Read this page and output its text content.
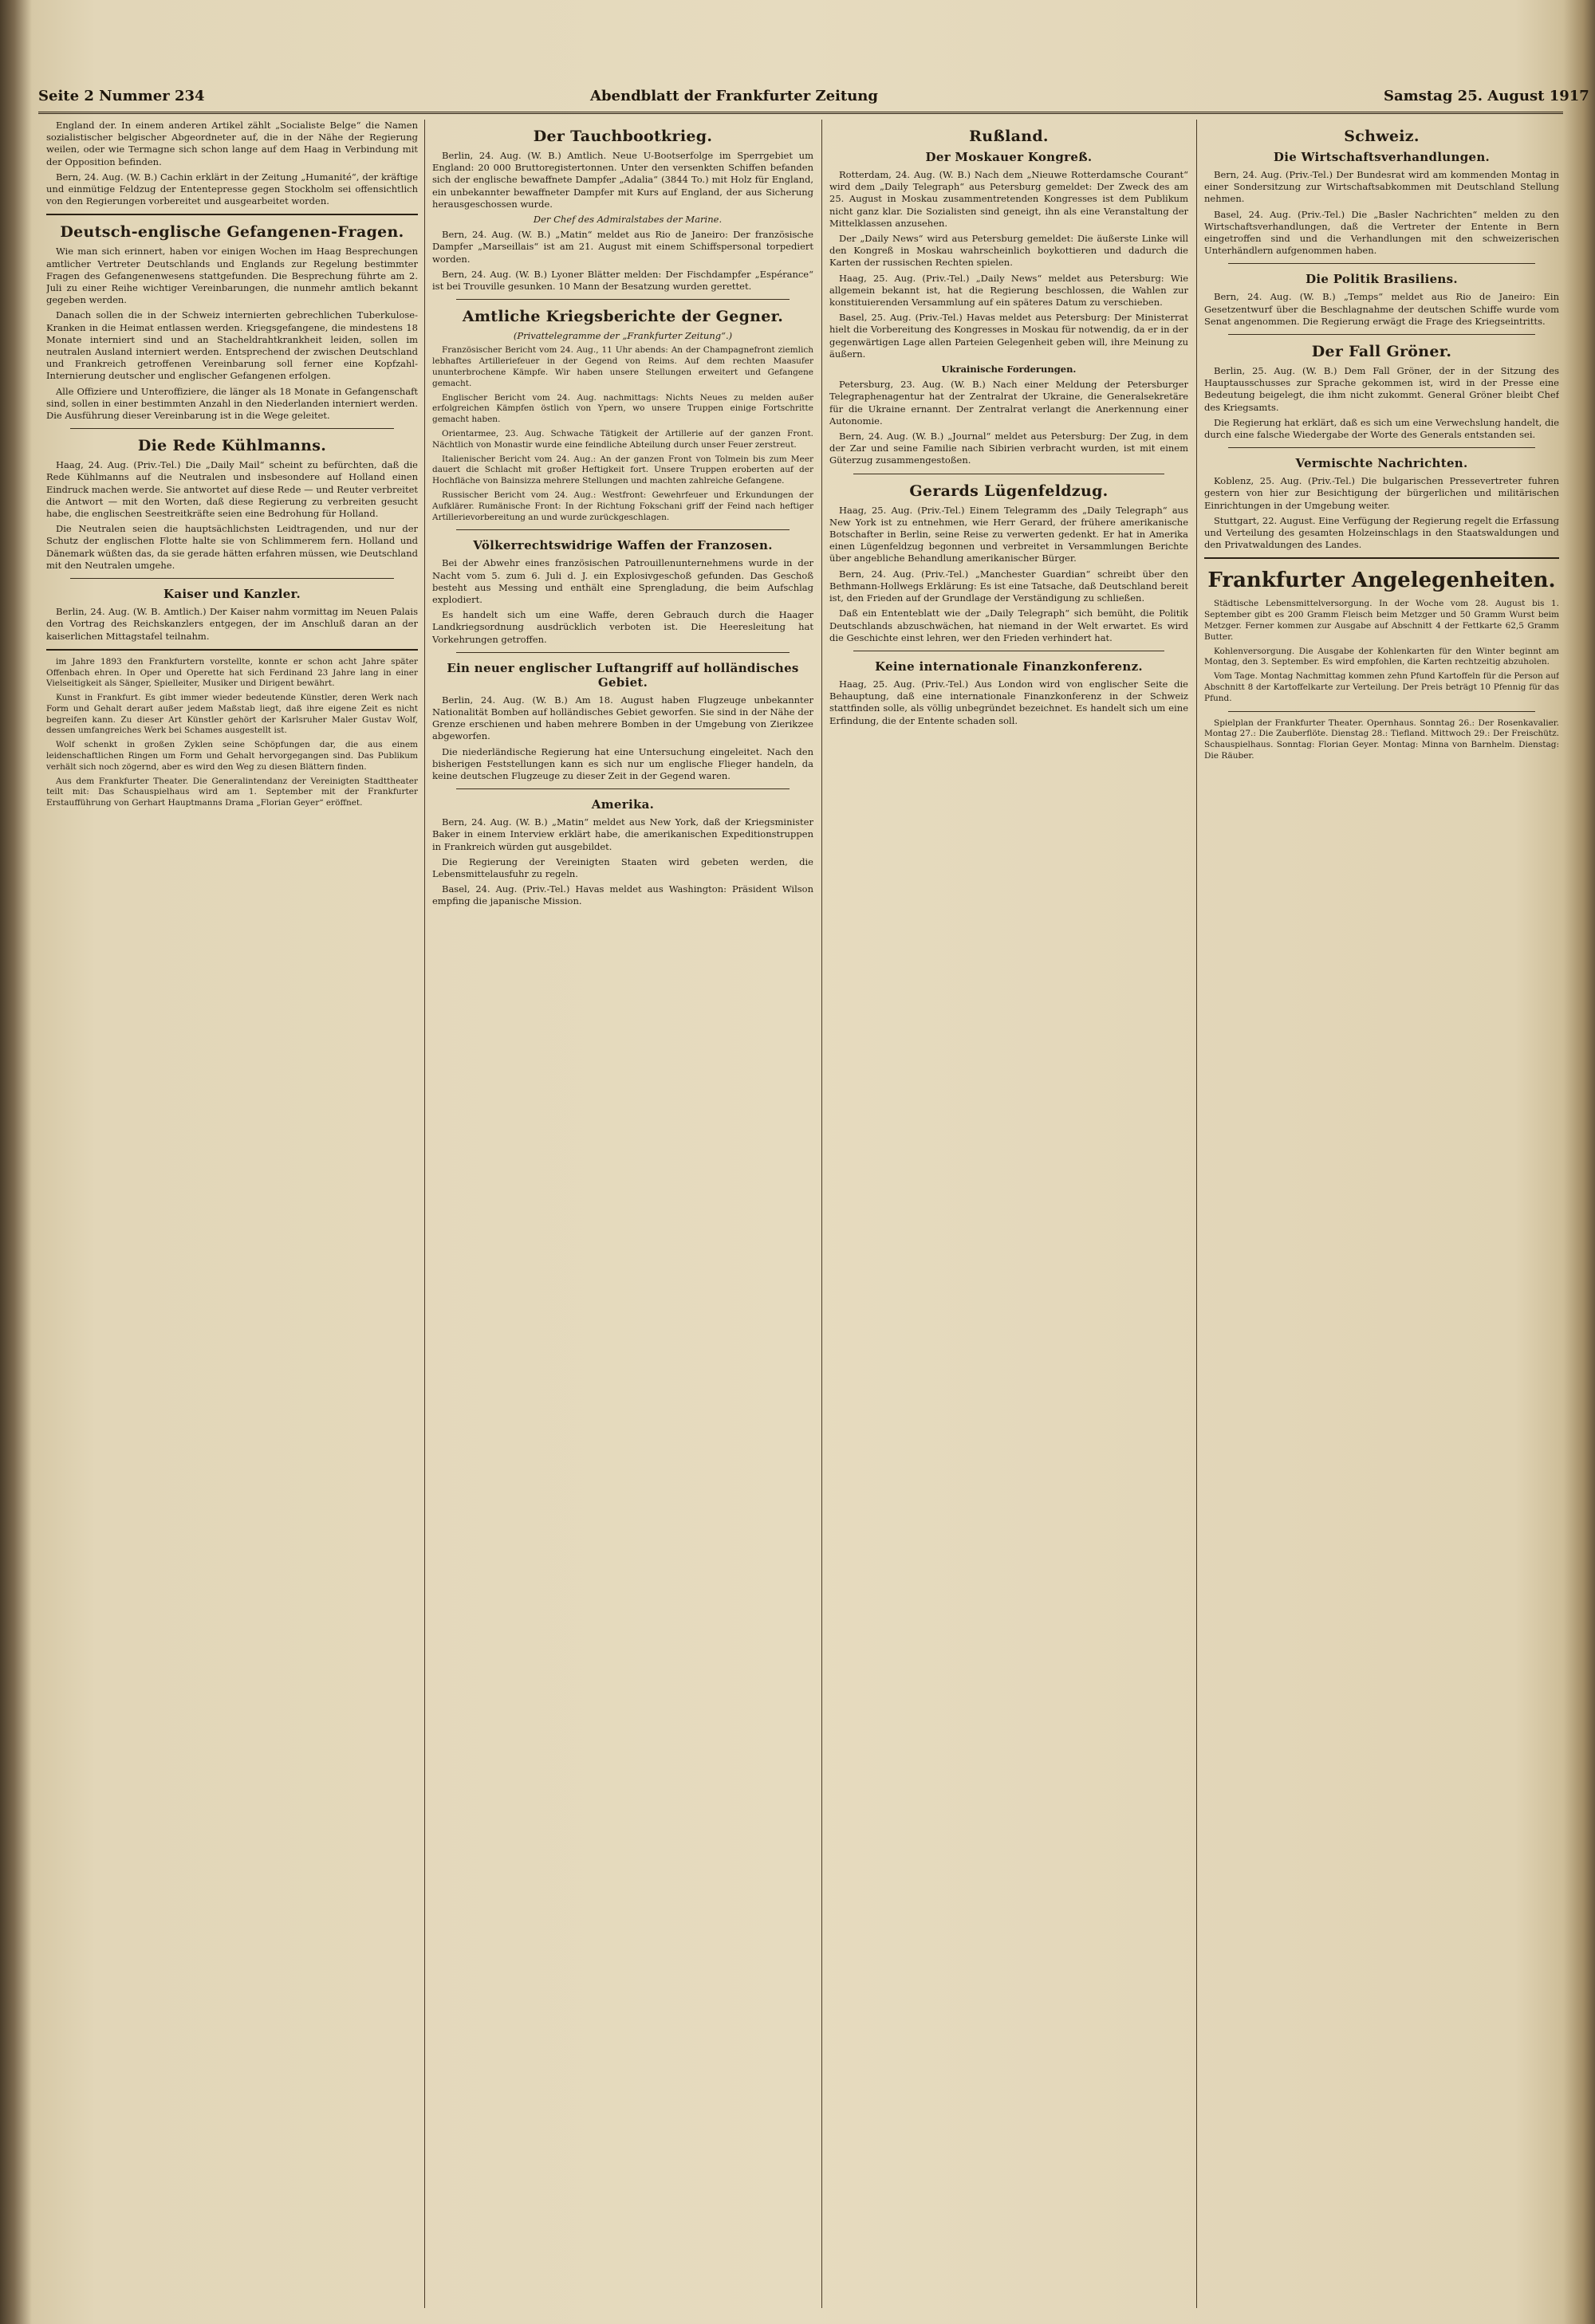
Seite 2 Nummer 234	Abendblatt der Frankfurter Zeitung	Samstag 25. August 1917

England der. In einem anderen Artikel zählt „Socialiste Belge“ die Namen sozialistischer belgischer Abgeordneter auf, die in der Nähe der Regierung weilen, oder wie Termagne sich schon lange auf dem Haag in Verbindung mit der Opposition befinden.

Bern, 24. Aug. (W. B.) Cachin erklärt in der Zeitung „Humanité“, der kräftige und einmütige Feldzug der Ententepresse gegen Stockholm sei offensichtlich von den Regierungen vorbereitet und ausgearbeitet worden.

Deutsch-englische Gefangenen-Fragen.

Wie man sich erinnert, haben vor einigen Wochen im Haag Besprechungen amtlicher Vertreter Deutschlands und Englands zur Regelung bestimmter Fragen des Gefangenenwesens stattgefunden. Die Besprechung führte am 2. Juli zu einer Reihe wichtiger Vereinbarungen, die nunmehr amtlich bekannt gegeben werden.

Danach sollen die in der Schweiz internierten gebrechlichen Tuberkulose-Kranken in die Heimat entlassen werden. Kriegsgefangene, die mindestens 18 Monate interniert sind und an Stacheldrahtkrankheit leiden, sollen im neutralen Ausland interniert werden. Entsprechend der zwischen Deutschland und Frankreich getroffenen Vereinbarung soll ferner eine Kopfzahl-Internierung deutscher und englischer Gefangenen erfolgen.

Alle Offiziere und Unteroffiziere, die länger als 18 Monate in Gefangenschaft sind, sollen in einer bestimmten Anzahl in den Niederlanden interniert werden. Die Ausführung dieser Vereinbarung ist in die Wege geleitet.

Die Rede Kühlmanns.

Haag, 24. Aug. (Priv.-Tel.) Die „Daily Mail“ scheint zu befürchten, daß die Rede Kühlmanns auf die Neutralen und insbesondere auf Holland einen Eindruck machen werde. Sie antwortet auf diese Rede — und Reuter verbreitet die Antwort — mit den Worten, daß diese Regierung zu verbreiten gesucht habe, die englischen Seestreitkräfte seien eine Bedrohung für Holland.

Die Neutralen seien die hauptsächlichsten Leidtragenden, und nur der Schutz der englischen Flotte halte sie von Schlimmerem fern. Holland und Dänemark wüßten das, da sie gerade hätten erfahren müssen, wie Deutschland mit den Neutralen umgehe.

Kaiser und Kanzler.

Berlin, 24. Aug. (W. B. Amtlich.) Der Kaiser nahm vormittag im Neuen Palais den Vortrag des Reichskanzlers entgegen, der im Anschluß daran an der kaiserlichen Mittagstafel teilnahm.

im Jahre 1893 den Frankfurtern vorstellte, konnte er schon acht Jahre später Offenbach ehren. In Oper und Operette hat sich Ferdinand 23 Jahre lang in einer Vielseitigkeit als Sänger, Spielleiter, Musiker und Dirigent bewährt.

Kunst in Frankfurt. Es gibt immer wieder bedeutende Künstler, deren Werk nach Form und Gehalt derart außer jedem Maßstab liegt, daß ihre eigene Zeit es nicht begreifen kann. Zu dieser Art Künstler gehört der Karlsruher Maler Gustav Wolf, dessen umfangreiches Werk bei Schames ausgestellt ist.

Wolf schenkt in großen Zyklen seine Schöpfungen dar, die aus einem leidenschaftlichen Ringen um Form und Gehalt hervorgegangen sind. Das Publikum verhält sich noch zögernd, aber es wird den Weg zu diesen Blättern finden.

Aus dem Frankfurter Theater. Die Generalintendanz der Vereinigten Stadttheater teilt mit: Das Schauspielhaus wird am 1. September mit der Frankfurter Erstaufführung von Gerhart Hauptmanns Drama „Florian Geyer“ eröffnet.

Der Tauchbootkrieg.

Berlin, 24. Aug. (W. B.) Amtlich. Neue U-Bootserfolge im Sperrgebiet um England: 20 000 Bruttoregistertonnen. Unter den versenkten Schiffen befanden sich der englische bewaffnete Dampfer „Adalia“ (3844 To.) mit Holz für England, ein unbekannter bewaffneter Dampfer mit Kurs auf England, der aus Sicherung herausgeschossen wurde.

Der Chef des Admiralstabes der Marine.

Bern, 24. Aug. (W. B.) „Matin“ meldet aus Rio de Janeiro: Der französische Dampfer „Marseillais“ ist am 21. August mit einem Schiffspersonal torpediert worden.

Bern, 24. Aug. (W. B.) Lyoner Blätter melden: Der Fischdampfer „Espérance“ ist bei Trouville gesunken. 10 Mann der Besatzung wurden gerettet.

Amtliche Kriegsberichte der Gegner.
(Privattelegramme der „Frankfurter Zeitung“.)

Französischer Bericht vom 24. Aug., 11 Uhr abends: An der Champagnefront ziemlich lebhaftes Artilleriefeuer in der Gegend von Reims. Auf dem rechten Maasufer ununterbrochene Kämpfe. Wir haben unsere Stellungen erweitert und Gefangene gemacht.

Englischer Bericht vom 24. Aug. nachmittags: Nichts Neues zu melden außer erfolgreichen Kämpfen östlich von Ypern, wo unsere Truppen einige Fortschritte gemacht haben.

Orientarmee, 23. Aug. Schwache Tätigkeit der Artillerie auf der ganzen Front. Nächtlich von Monastir wurde eine feindliche Abteilung durch unser Feuer zerstreut.

Italienischer Bericht vom 24. Aug.: An der ganzen Front von Tolmein bis zum Meer dauert die Schlacht mit großer Heftigkeit fort. Unsere Truppen eroberten auf der Hochfläche von Bainsizza mehrere Stellungen und machten zahlreiche Gefangene.

Russischer Bericht vom 24. Aug.: Westfront: Gewehrfeuer und Erkundungen der Aufklärer. Rumänische Front: In der Richtung Fokschani griff der Feind nach heftiger Artillerievorbereitung an und wurde zurückgeschlagen.

Völkerrechtswidrige Waffen der Franzosen.

Bei der Abwehr eines französischen Patrouillenunternehmens wurde in der Nacht vom 5. zum 6. Juli d. J. ein Explosivgeschoß gefunden. Das Geschoß besteht aus Messing und enthält eine Sprengladung, die beim Aufschlag explodiert.

Es handelt sich um eine Waffe, deren Gebrauch durch die Haager Landkriegsordnung ausdrücklich verboten ist. Die Heeresleitung hat Vorkehrungen getroffen.

Ein neuer englischer Luftangriff auf holländisches Gebiet.

Berlin, 24. Aug. (W. B.) Am 18. August haben Flugzeuge unbekannter Nationalität Bomben auf holländisches Gebiet geworfen. Sie sind in der Nähe der Grenze erschienen und haben mehrere Bomben in der Umgebung von Zierikzee abgeworfen.

Die niederländische Regierung hat eine Untersuchung eingeleitet. Nach den bisherigen Feststellungen kann es sich nur um englische Flieger handeln, da keine deutschen Flugzeuge zu dieser Zeit in der Gegend waren.

Amerika.

Bern, 24. Aug. (W. B.) „Matin“ meldet aus New York, daß der Kriegsminister Baker in einem Interview erklärt habe, die amerikanischen Expeditionstruppen in Frankreich würden gut ausgebildet.

Die Regierung der Vereinigten Staaten wird gebeten werden, die Lebensmittelausfuhr zu regeln.

Basel, 24. Aug. (Priv.-Tel.) Havas meldet aus Washington: Präsident Wilson empfing die japanische Mission.

Rußland.
Der Moskauer Kongreß.

Rotterdam, 24. Aug. (W. B.) Nach dem „Nieuwe Rotterdamsche Courant“ wird dem „Daily Telegraph“ aus Petersburg gemeldet: Der Zweck des am 25. August in Moskau zusammentretenden Kongresses ist dem Publikum nicht ganz klar. Die Sozialisten sind geneigt, ihn als eine Veranstaltung der Mittelklassen anzusehen.

Der „Daily News“ wird aus Petersburg gemeldet: Die äußerste Linke will den Kongreß in Moskau wahrscheinlich boykottieren und dadurch die Karten der russischen Rechten spielen.

Haag, 25. Aug. (Priv.-Tel.) „Daily News“ meldet aus Petersburg: Wie allgemein bekannt ist, hat die Regierung beschlossen, die Wahlen zur konstituierenden Versammlung auf ein späteres Datum zu verschieben.

Basel, 25. Aug. (Priv.-Tel.) Havas meldet aus Petersburg: Der Ministerrat hielt die Vorbereitung des Kongresses in Moskau für notwendig, da er in der gegenwärtigen Lage allen Parteien Gelegenheit geben will, ihre Meinung zu äußern.

Ukrainische Forderungen.

Petersburg, 23. Aug. (W. B.) Nach einer Meldung der Petersburger Telegraphenagentur hat der Zentralrat der Ukraine, die Generalsekretäre für die Ukraine ernannt. Der Zentralrat verlangt die Anerkennung einer Autonomie.

Bern, 24. Aug. (W. B.) „Journal“ meldet aus Petersburg: Der Zug, in dem der Zar und seine Familie nach Sibirien verbracht wurden, ist mit einem Güterzug zusammengestoßen.

Gerards Lügenfeldzug.

Haag, 25. Aug. (Priv.-Tel.) Einem Telegramm des „Daily Telegraph“ aus New York ist zu entnehmen, wie Herr Gerard, der frühere amerikanische Botschafter in Berlin, seine Reise zu verwerten gedenkt. Er hat in Amerika einen Lügenfeldzug begonnen und verbreitet in Versammlungen Berichte über angebliche Behandlung amerikanischer Bürger.

Bern, 24. Aug. (Priv.-Tel.) „Manchester Guardian“ schreibt über den Bethmann-Hollwegs Erklärung: Es ist eine Tatsache, daß Deutschland bereit ist, den Frieden auf der Grundlage der Verständigung zu schließen.

Daß ein Ententeblatt wie der „Daily Telegraph“ sich bemüht, die Politik Deutschlands abzuschwächen, hat niemand in der Welt erwartet. Es wird die Geschichte einst lehren, wer den Frieden verhindert hat.

Keine internationale Finanzkonferenz.

Haag, 25. Aug. (Priv.-Tel.) Aus London wird von englischer Seite die Behauptung, daß eine internationale Finanzkonferenz in der Schweiz stattfinden solle, als völlig unbegründet bezeichnet. Es handelt sich um eine Erfindung, die der Entente schaden soll.

Schweiz.
Die Wirtschaftsverhandlungen.

Bern, 24. Aug. (Priv.-Tel.) Der Bundesrat wird am kommenden Montag in einer Sondersitzung zur Wirtschaftsabkommen mit Deutschland Stellung nehmen.

Basel, 24. Aug. (Priv.-Tel.) Die „Basler Nachrichten“ melden zu den Wirtschaftsverhandlungen, daß die Vertreter der Entente in Bern eingetroffen sind und die Verhandlungen mit den schweizerischen Unterhändlern aufgenommen haben.

Die Politik Brasiliens.

Bern, 24. Aug. (W. B.) „Temps“ meldet aus Rio de Janeiro: Ein Gesetzentwurf über die Beschlagnahme der deutschen Schiffe wurde vom Senat angenommen. Die Regierung erwägt die Frage des Kriegseintritts.

Der Fall Gröner.

Berlin, 25. Aug. (W. B.) Dem Fall Gröner, der in der Sitzung des Hauptausschusses zur Sprache gekommen ist, wird in der Presse eine Bedeutung beigelegt, die ihm nicht zukommt. General Gröner bleibt Chef des Kriegsamts.

Die Regierung hat erklärt, daß es sich um eine Verwechslung handelt, die durch eine falsche Wiedergabe der Worte des Generals entstanden sei.

Vermischte Nachrichten.

Koblenz, 25. Aug. (Priv.-Tel.) Die bulgarischen Pressevertreter fuhren gestern von hier zur Besichtigung der bürgerlichen und militärischen Einrichtungen in der Umgebung weiter.

Stuttgart, 22. August. Eine Verfügung der Regierung regelt die Erfassung und Verteilung des gesamten Holzeinschlags in den Staatswaldungen und den Privatwaldungen des Landes.

Frankfurter Angelegenheiten.

Städtische Lebensmittelversorgung. In der Woche vom 28. August bis 1. September gibt es 200 Gramm Fleisch beim Metzger und 50 Gramm Wurst beim Metzger. Ferner kommen zur Ausgabe auf Abschnitt 4 der Fettkarte 62,5 Gramm Butter.

Kohlenversorgung. Die Ausgabe der Kohlenkarten für den Winter beginnt am Montag, den 3. September. Es wird empfohlen, die Karten rechtzeitig abzuholen.

Vom Tage. Montag Nachmittag kommen zehn Pfund Kartoffeln für die Person auf Abschnitt 8 der Kartoffelkarte zur Verteilung. Der Preis beträgt 10 Pfennig für das Pfund.

Spielplan der Frankfurter Theater. Opernhaus. Sonntag 26.: Der Rosenkavalier. Montag 27.: Die Zauberflöte. Dienstag 28.: Tiefland. Mittwoch 29.: Der Freischütz. Schauspielhaus. Sonntag: Florian Geyer. Montag: Minna von Barnhelm. Dienstag: Die Räuber.
